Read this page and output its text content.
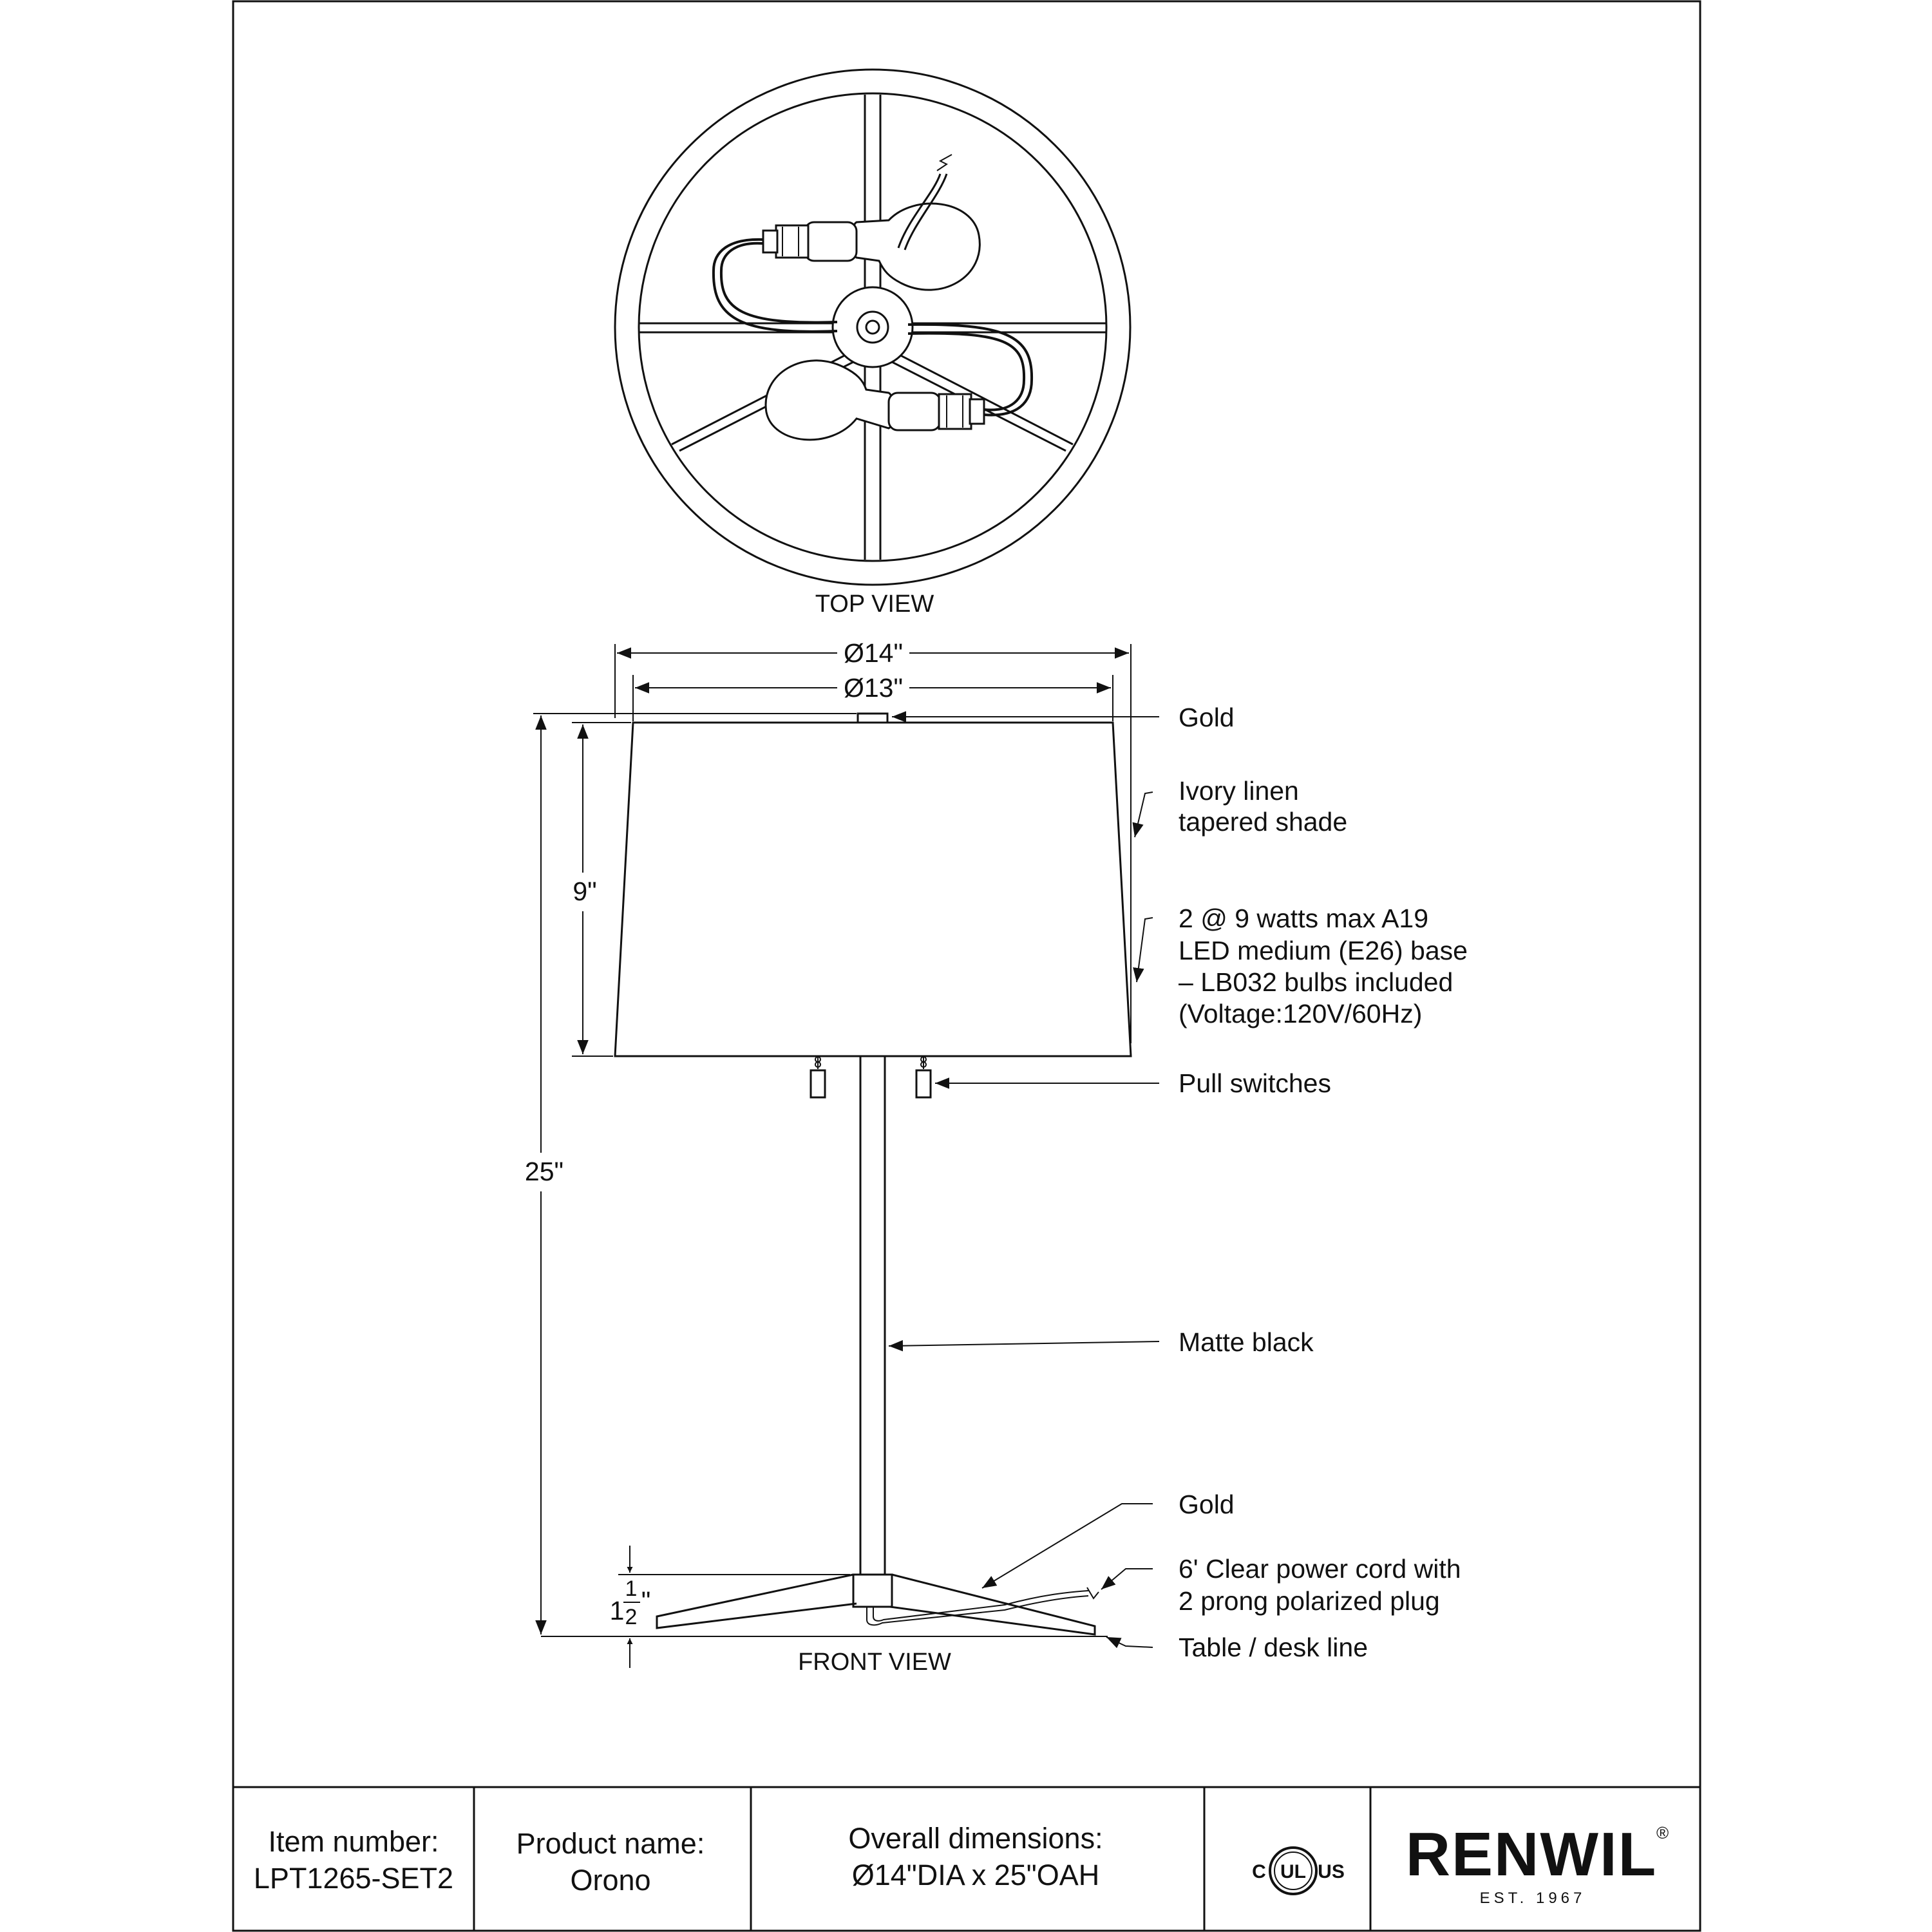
TOP VIEW
FRONT VIEW
Ø14"
Ø13"
9"
25"
1
1
2
"
Gold
Ivory linen
tapered shade
2 @ 9 watts max A19
LED medium (E26) base
– LB032 bulbs included
(Voltage:120V/60Hz)
Pull switches
Matte black
Gold
6' Clear power cord with
2 prong polarized plug
Table / desk line
Item number:
LPT1265-SET2
Product name:
Orono
Overall dimensions:
Ø14"DIA x 25"OAH	C UL US RENWIL
®
EST. 1967
